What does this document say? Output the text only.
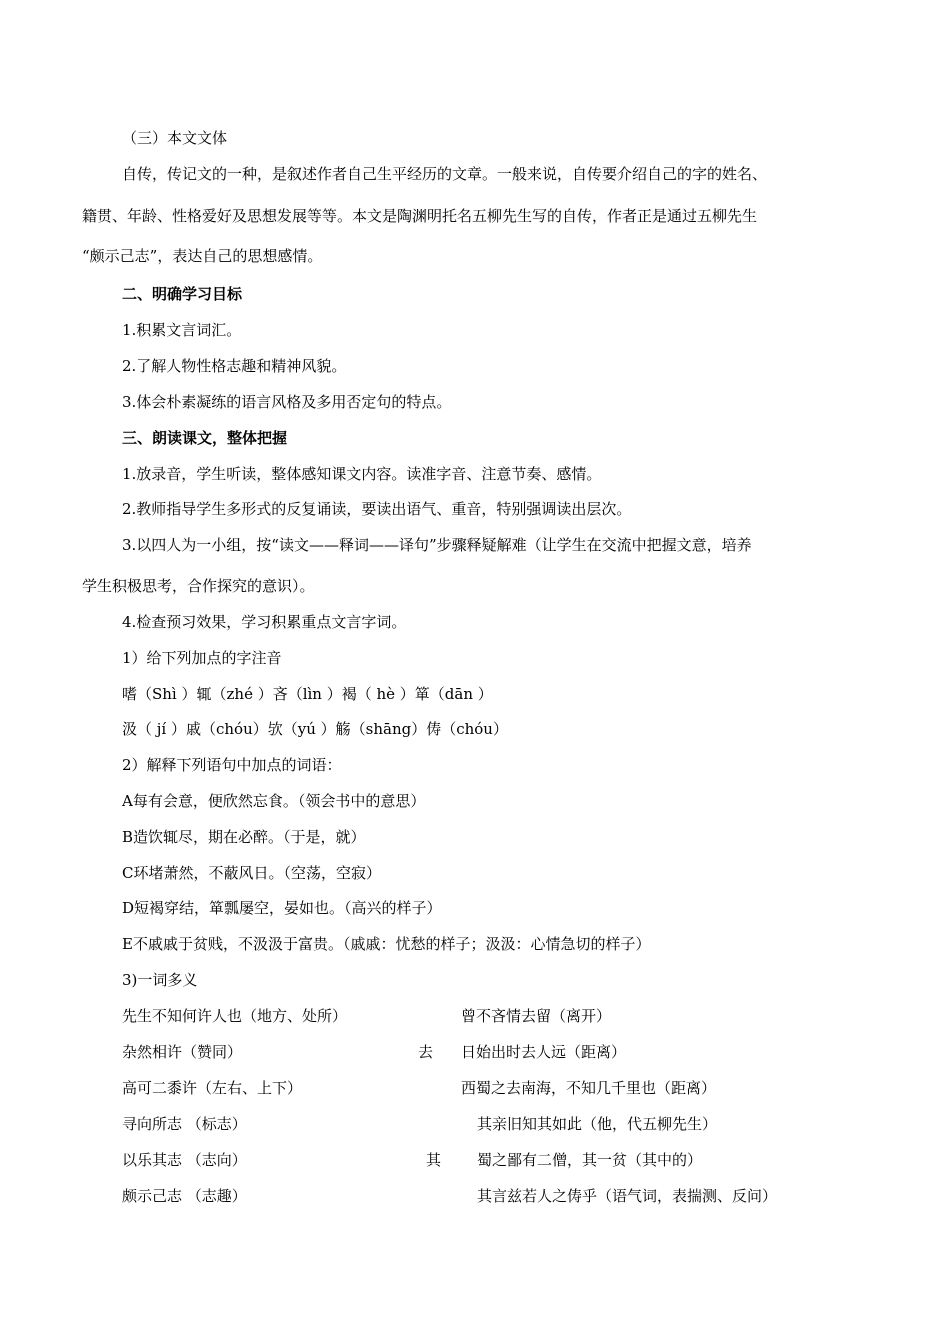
（三）本文文体
自传，传记文的一种，是叙述作者自己生平经历的文章。一般来说，自传要介绍自己的字的姓名、
籍贯、年龄、性格爱好及思想发展等等。本文是陶渊明托名五柳先生写的自传，作者正是通过五柳先生
“颇示己志”，表达自己的思想感情。
二、明确学习目标
1.积累文言词汇。
2.了解人物性格志趣和精神风貌。
3.体会朴素凝练的语言风格及多用否定句的特点。
三、朗读课文，整体把握
1.放录音，学生听读，整体感知课文内容。读准字音、注意节奏、感情。
2.教师指导学生多形式的反复诵读，要读出语气、重音，特别强调读出层次。
3.以四人为一小组，按“读文——释词——译句”步骤释疑解难（让学生在交流中把握文意，培养
学生积极思考，合作探究的意识）。
4.检查预习效果，学习积累重点文言字词。
1）给下列加点的字注音
嗜（Shì ）辄（zhé ）吝（lìn ）褐（ hè ）箪（dān ）
汲（ jí ）戚（chóu）欤（yú ）觞（shāng）俦（chóu）
2）解释下列语句中加点的词语：
A每有会意，便欣然忘食。（领会书中的意思）
B造饮辄尽，期在必醉。（于是，就）
C环堵萧然，不蔽风日。（空荡，空寂）
D短褐穿结，箪瓢屡空，晏如也。（高兴的样子）
E不戚戚于贫贱，不汲汲于富贵。（戚戚：忧愁的样子；汲汲：心情急切的样子）
3)一词多义
先生不知何许人也（地方、处所）	曾不吝情去留（离开）
杂然相许（赞同）	去 日始出时去人远（距离）
高可二黍许（左右、上下）	西蜀之去南海，不知几千里也（距离）
寻向所志 （标志）	其亲旧知其如此（他，代五柳先生）
以乐其志 （志向）	其 蜀之鄙有二僧，其一贫（其中的）
颇示己志 （志趣）	其言兹若人之俦乎（语气词，表揣测、反问）
